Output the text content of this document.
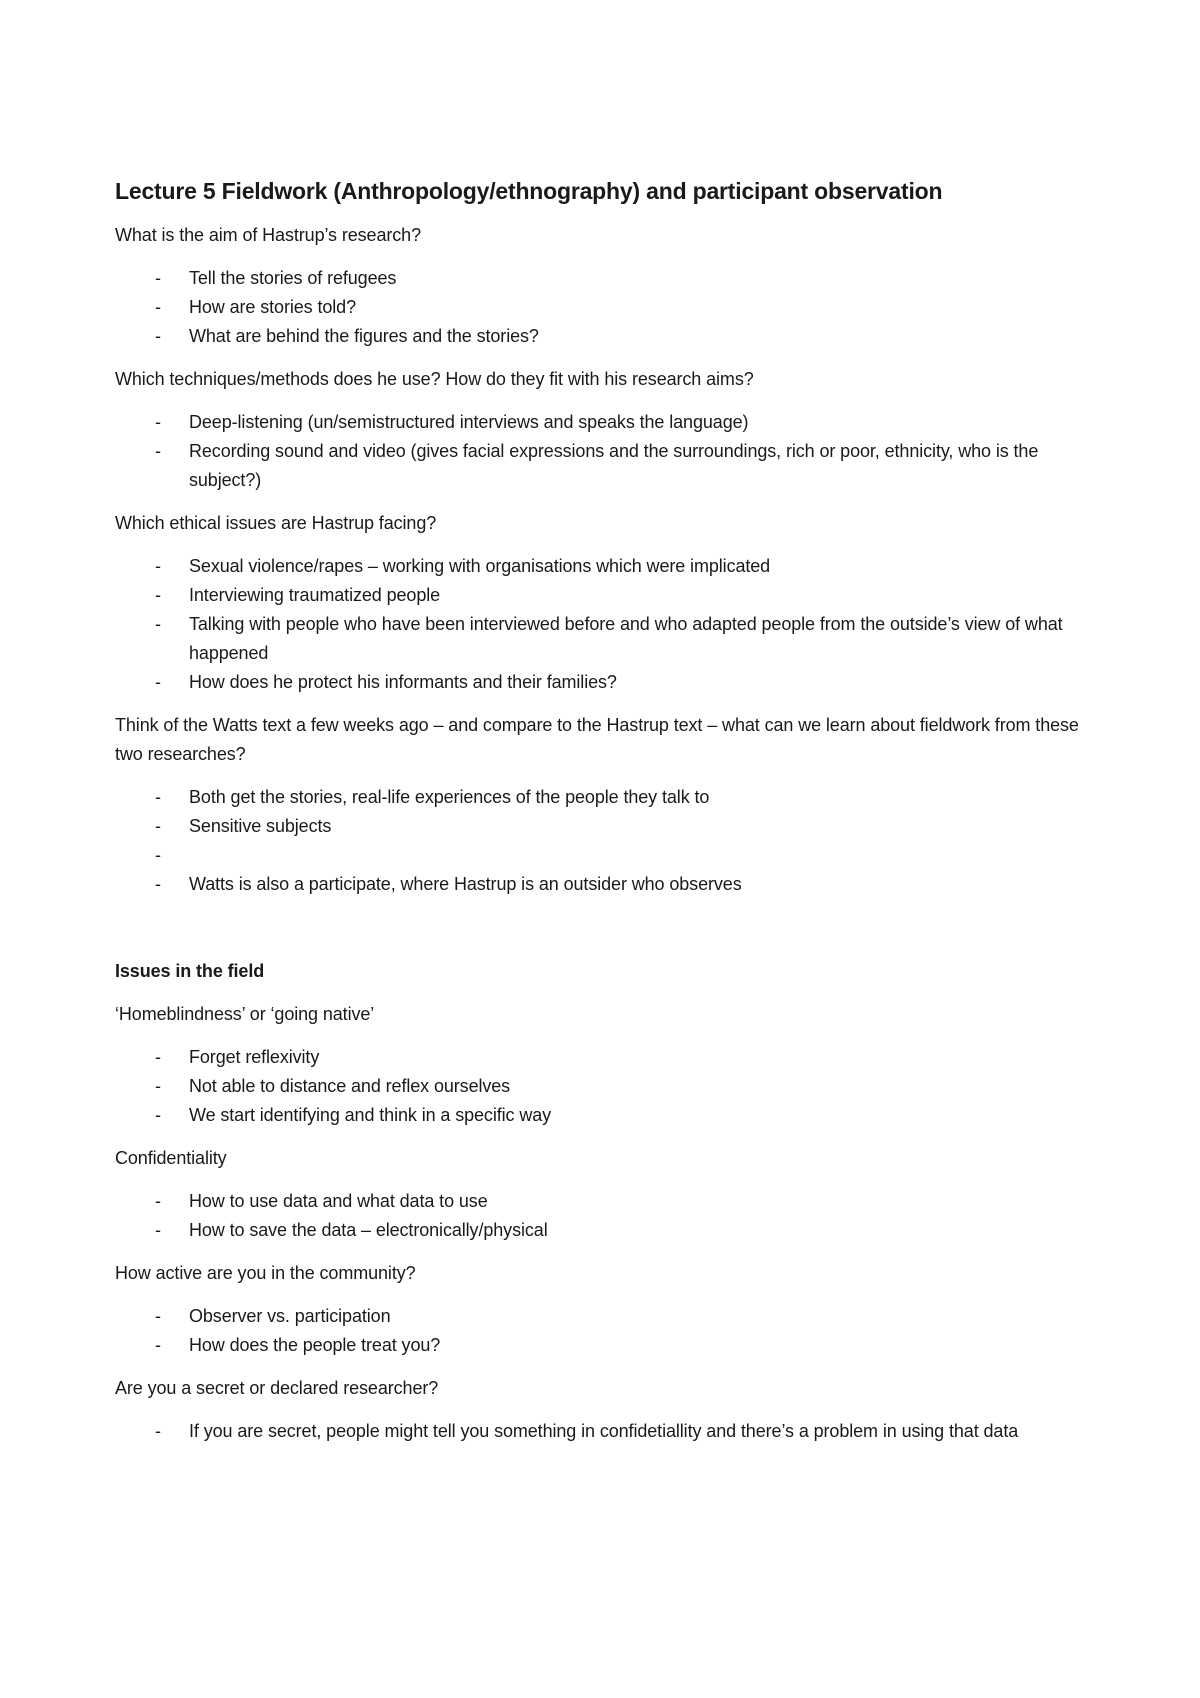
Lecture 5 Fieldwork (Anthropology/ethnography) and participant observation
What is the aim of Hastrup’s research?
- Tell the stories of refugees
- How are stories told?
- What are behind the figures and the stories?
Which techniques/methods does he use? How do they fit with his research aims?
- Deep-listening (un/semistructured interviews and speaks the language)
- Recording sound and video (gives facial expressions and the surroundings, rich or poor, ethnicity, who is the subject?)
Which ethical issues are Hastrup facing?
- Sexual violence/rapes – working with organisations which were implicated
- Interviewing traumatized people
- Talking with people who have been interviewed before and who adapted people from the outside’s view of what happened
- How does he protect his informants and their families?
Think of the Watts text a few weeks ago – and compare to the Hastrup text – what can we learn about fieldwork from these two researches?
- Both get the stories, real-life experiences of the people they talk to
- Sensitive subjects
-
- Watts is also a participate, where Hastrup is an outsider who observes
Issues in the field
‘Homeblindness’ or ‘going native’
- Forget reflexivity
- Not able to distance and reflex ourselves
- We start identifying and think in a specific way
Confidentiality
- How to use data and what data to use
- How to save the data – electronically/physical
How active are you in the community?
- Observer vs. participation
- How does the people treat you?
Are you a secret or declared researcher?
- If you are secret, people might tell you something in confidetiallity and there’s a problem in using that data
